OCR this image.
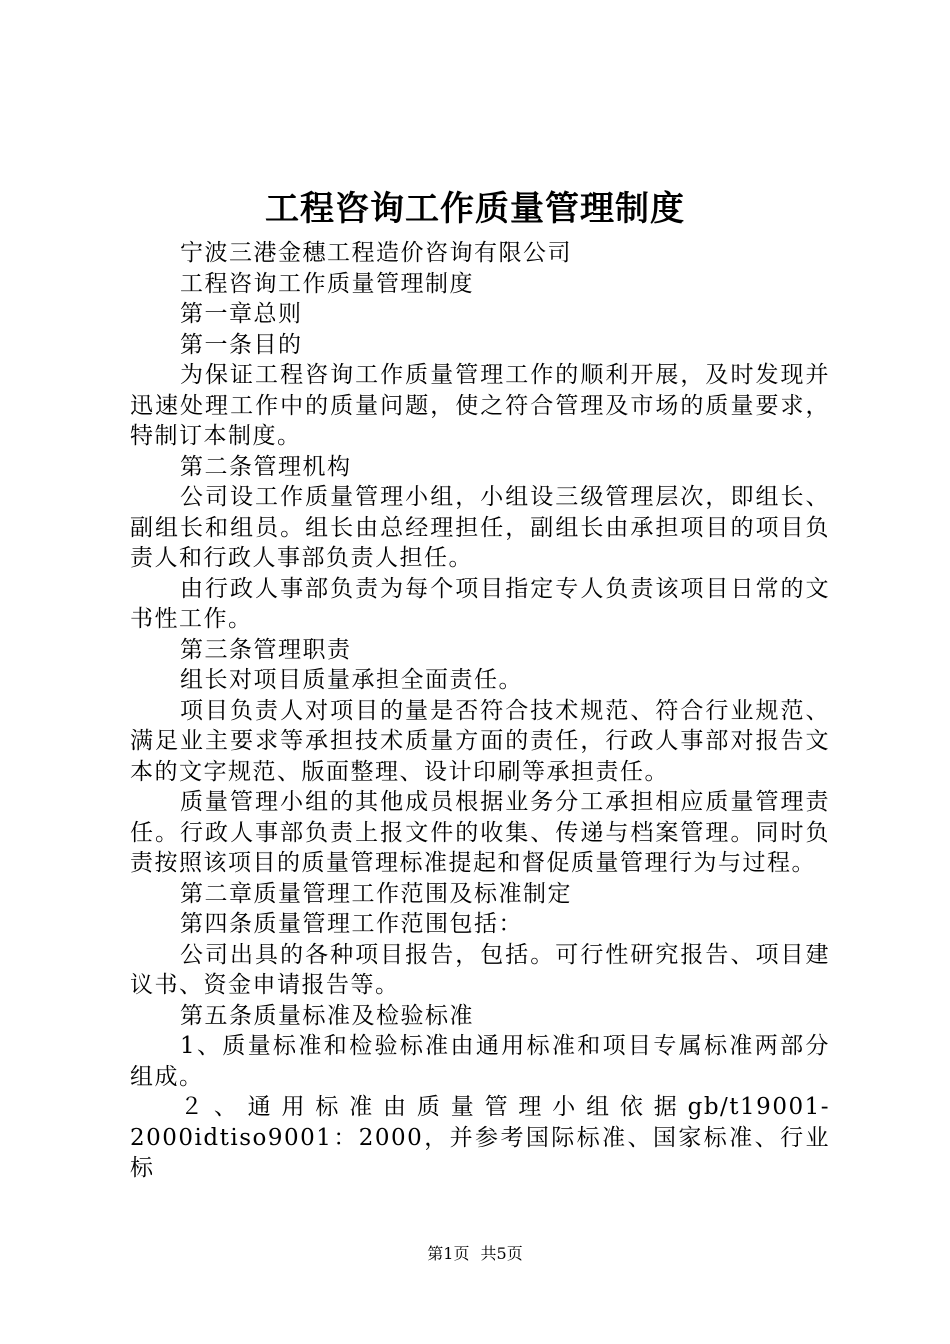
工程咨询工作质量管理制度

宁波三港金穗工程造价咨询有限公司

工程咨询工作质量管理制度

第一章总则

第一条目的

为保证工程咨询工作质量管理工作的顺利开展，及时发现并迅速处理工作中的质量问题，使之符合管理及市场的质量要求，特制订本制度。

第二条管理机构

公司设工作质量管理小组，小组设三级管理层次，即组长、副组长和组员。组长由总经理担任，副组长由承担项目的项目负责人和行政人事部负责人担任。

由行政人事部负责为每个项目指定专人负责该项目日常的文书性工作。

第三条管理职责

组长对项目质量承担全面责任。

项目负责人对项目的量是否符合技术规范、符合行业规范、满足业主要求等承担技术质量方面的责任，行政人事部对报告文本的文字规范、版面整理、设计印刷等承担责任。

质量管理小组的其他成员根据业务分工承担相应质量管理责任。行政人事部负责上报文件的收集、传递与档案管理。同时负责按照该项目的质量管理标准提起和督促质量管理行为与过程。

第二章质量管理工作范围及标准制定

第四条质量管理工作范围包括：

公司出具的各种项目报告，包括。可行性研究报告、项目建议书、资金申请报告等。

第五条质量标准及检验标准

1、质量标准和检验标准由通用标准和项目专属标准两部分组成。

２、通用标准由质量管理小组依据gb/t19001-2000idtiso9001：2000，并参考国际标准、国家标准、行业标

第1页 共5页
